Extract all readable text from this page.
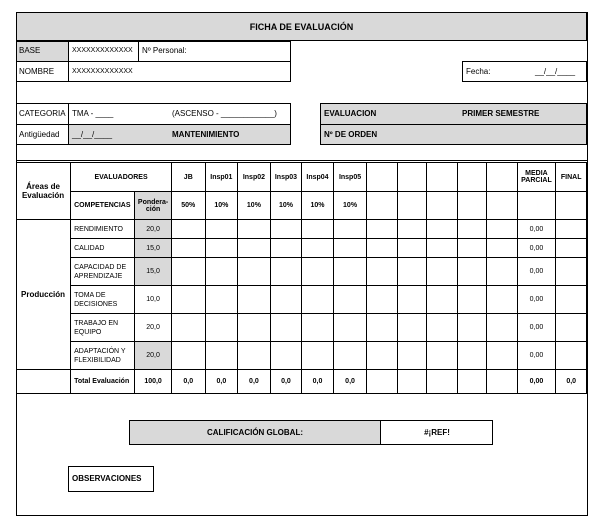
FICHA DE EVALUACIÓN
BASE	XXXXXXXXXXXXX Nº Personal:
NOMBRE	XXXXXXXXXXXXX	Fecha:	__/__/____
CATEGORIA TMA - ____	(ASCENSO - ____________)
Antigüedad __/__/____	MANTENIMIENTO
EVALUACION	PRIMER SEMESTRE
Nº DE ORDEN
Áreas de Evaluación	EVALUADORES		JB	Insp01	Insp02	Insp03	Insp04	Insp05						MEDIA PARCIAL	FINAL
	COMPETENCIAS	Pondera-ción	50%	10%	10%	10%	10%	10%							
Producción	RENDIMIENTO	20,0												0,00	
	CALIDAD	15,0												0,00	
	CAPACIDAD DE APRENDIZAJE	15,0												0,00	
	TOMA DE DECISIONES	10,0												0,00	
	TRABAJO EN EQUIPO	20,0												0,00	
	ADAPTACIÓN Y FLEXIBILIDAD	20,0												0,00	
	Total Evaluación	100,0	0,0	0,0	0,0	0,0	0,0	0,0						0,00	0,0
CALIFICACIÓN GLOBAL:	#¡REF!
OBSERVACIONES
